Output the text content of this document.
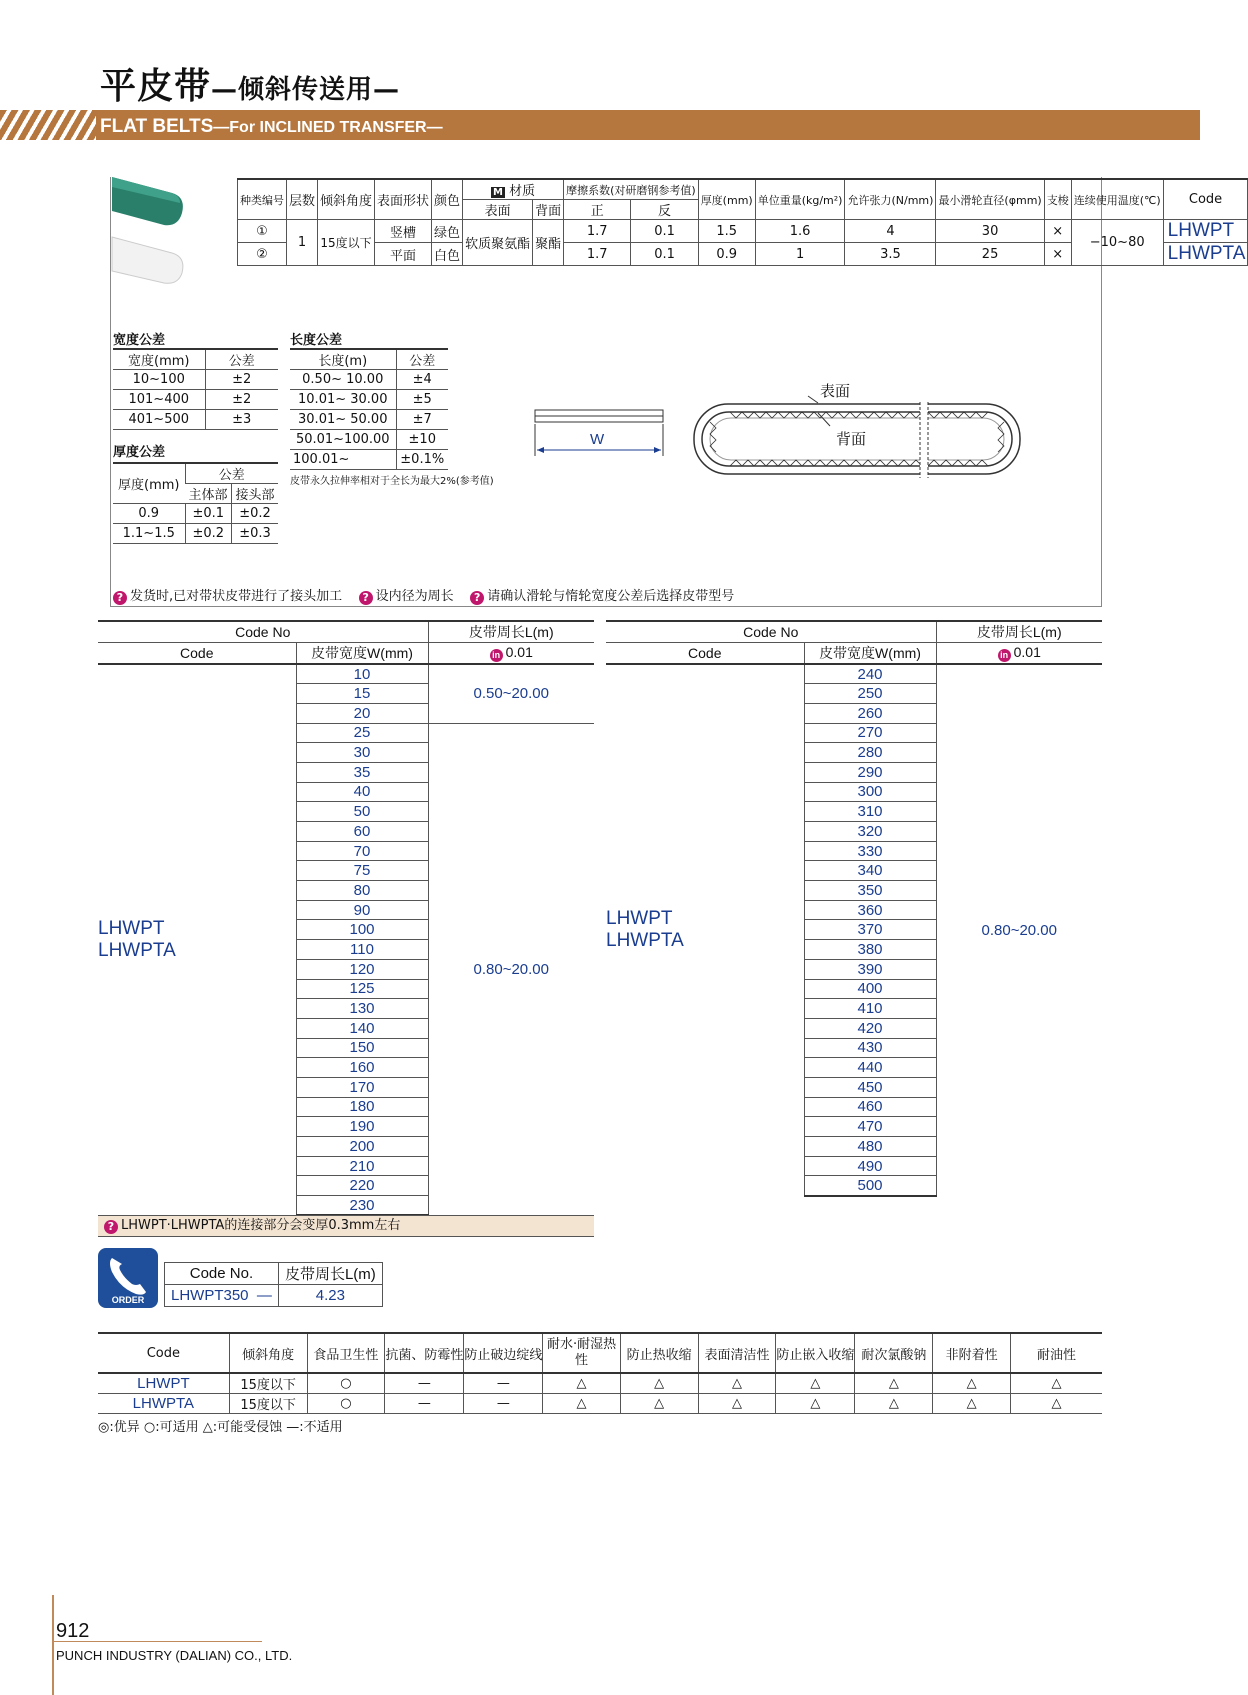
平皮带—倾斜传送用—
FLAT BELTS—For INCLINED TRANSFER—
种类编号	层数	倾斜角度	表面形状	颜色	M 材质		摩擦系数(对研磨钢参考值)		厚度(mm)	单位重量(kg/m²)	允许张力(N/mm)	最小滑轮直径(φmm)	支梭	连续使用温度(℃)	Code
					表面	背面	正	反							
①	1	15度以下	竖槽	绿色	软质聚氨酯	聚酯	1.7	0.1	1.5	1.6	4	30	×	−10~80	LHWPT
②			平面	白色			1.7	0.1	0.9	1	3.5	25	×		LHWPTA
宽度公差
宽度(mm)	公差
10~100	±2
101~400	±2
401~500	±3
长度公差
长度(m)	公差
0.50~ 10.00	±4
10.01~ 30.00	±5
30.01~ 50.00	±7
50.01~100.00	±10
100.01~	±0.1%
皮带永久拉伸率相对于全长为最大2%(参考值)
厚度公差
厚度(mm)	公差	
	主体部	接头部
0.9	±0.1	±0.2
1.1~1.5	±0.2	±0.3
W
表面
背面
? 发货时,已对带状皮带进行了接头加工 ? 设内径为周长 ? 请确认滑轮与惰轮宽度公差后选择皮带型号
Code No		皮带周长L(m)
Code	皮带宽度W(mm)	in 0.01

LHWPT
LHWPTA	10	0.50~20.00
	15	
	20	
	25	0.80~20.00
	30	
	35	
	40	
	50	
	60	
	70	
	75	
	80	
	90	
	100	
	110	
	120	
	125	
	130	
	140	
	150	
	160	
	170	
	180	
	190	
	200	
	210	
	220	
	230	
? LHWPT·LHWPTA的连接部分会变厚0.3mm左右
Code No		皮带周长L(m)
Code	皮带宽度W(mm)	in 0.01

LHWPT
LHWPTA	240	0.80~20.00
	250	
	260	
	270	
	280	
	290	
	300	
	310	
	320	
	330	
	340	
	350	
	360	
	370	
	380	
	390	
	400	
	410	
	420	
	430	
	440	
	450	
	460	
	470	
	480	
	490	
	500	
ORDER
Code No.	皮带周长L(m)
LHWPT350 —	4.23
Code	倾斜角度	食品卫生性	抗菌、防霉性	防止破边绽线	耐水·耐湿热性	防止热收缩	表面清洁性	防止嵌入收缩	耐次氯酸钠	非附着性	耐油性
LHWPT	15度以下	○	—	—	△	△	△	△	△	△	△
LHWPTA	15度以下	○	—	—	△	△	△	△	△	△	△
◎:优异 ○:可适用 △:可能受侵蚀 —:不适用
912
PUNCH INDUSTRY (DALIAN) CO., LTD.
